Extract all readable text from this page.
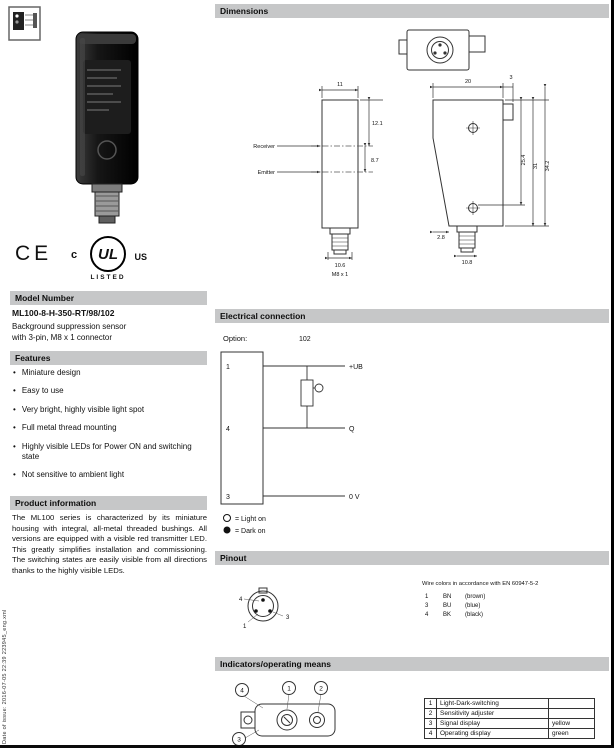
Date of issue: 2016-07-05 22:39 223945_eng.xml
CE c UL US
LISTED
Model Number
ML100-8-H-350-RT/98/102
Background suppression sensor
with 3-pin, M8 x 1 connector
Features
• Miniature design
• Easy to use
• Very bright, highly visible light spot
• Full metal thread mounting
• Highly visible LEDs for Power ON and switching state
• Not sensitive to ambient light
Product information
The ML100 series is characterized by its miniature housing with integral, all-metal threaded bushings. All versions are equipped with a visible red transmitter LED. This greatly simplifies installation and commissioning. The switching states are easily visible from all directions thanks to the highly visible LEDs.
Dimensions
11
12.1
8.7
Receiver
Emitter
10.6
M8 x 1
20
3
25.4
31 34.2
2.8
10.8
Electrical connection
Option:	102
1
4
3
+UB
Q
0 V
= Light on
= Dark on
Pinout
4
1
3
Wire colors in accordance with EN 60947-5-2
1 BN (brown)
3 BU (blue)
4 BK (black)
Indicators/operating means
4	1	2
3
1	Light-Dark-switching	
2	Sensitivity adjuster	
3	Signal display	yellow
4	Operating display	green
